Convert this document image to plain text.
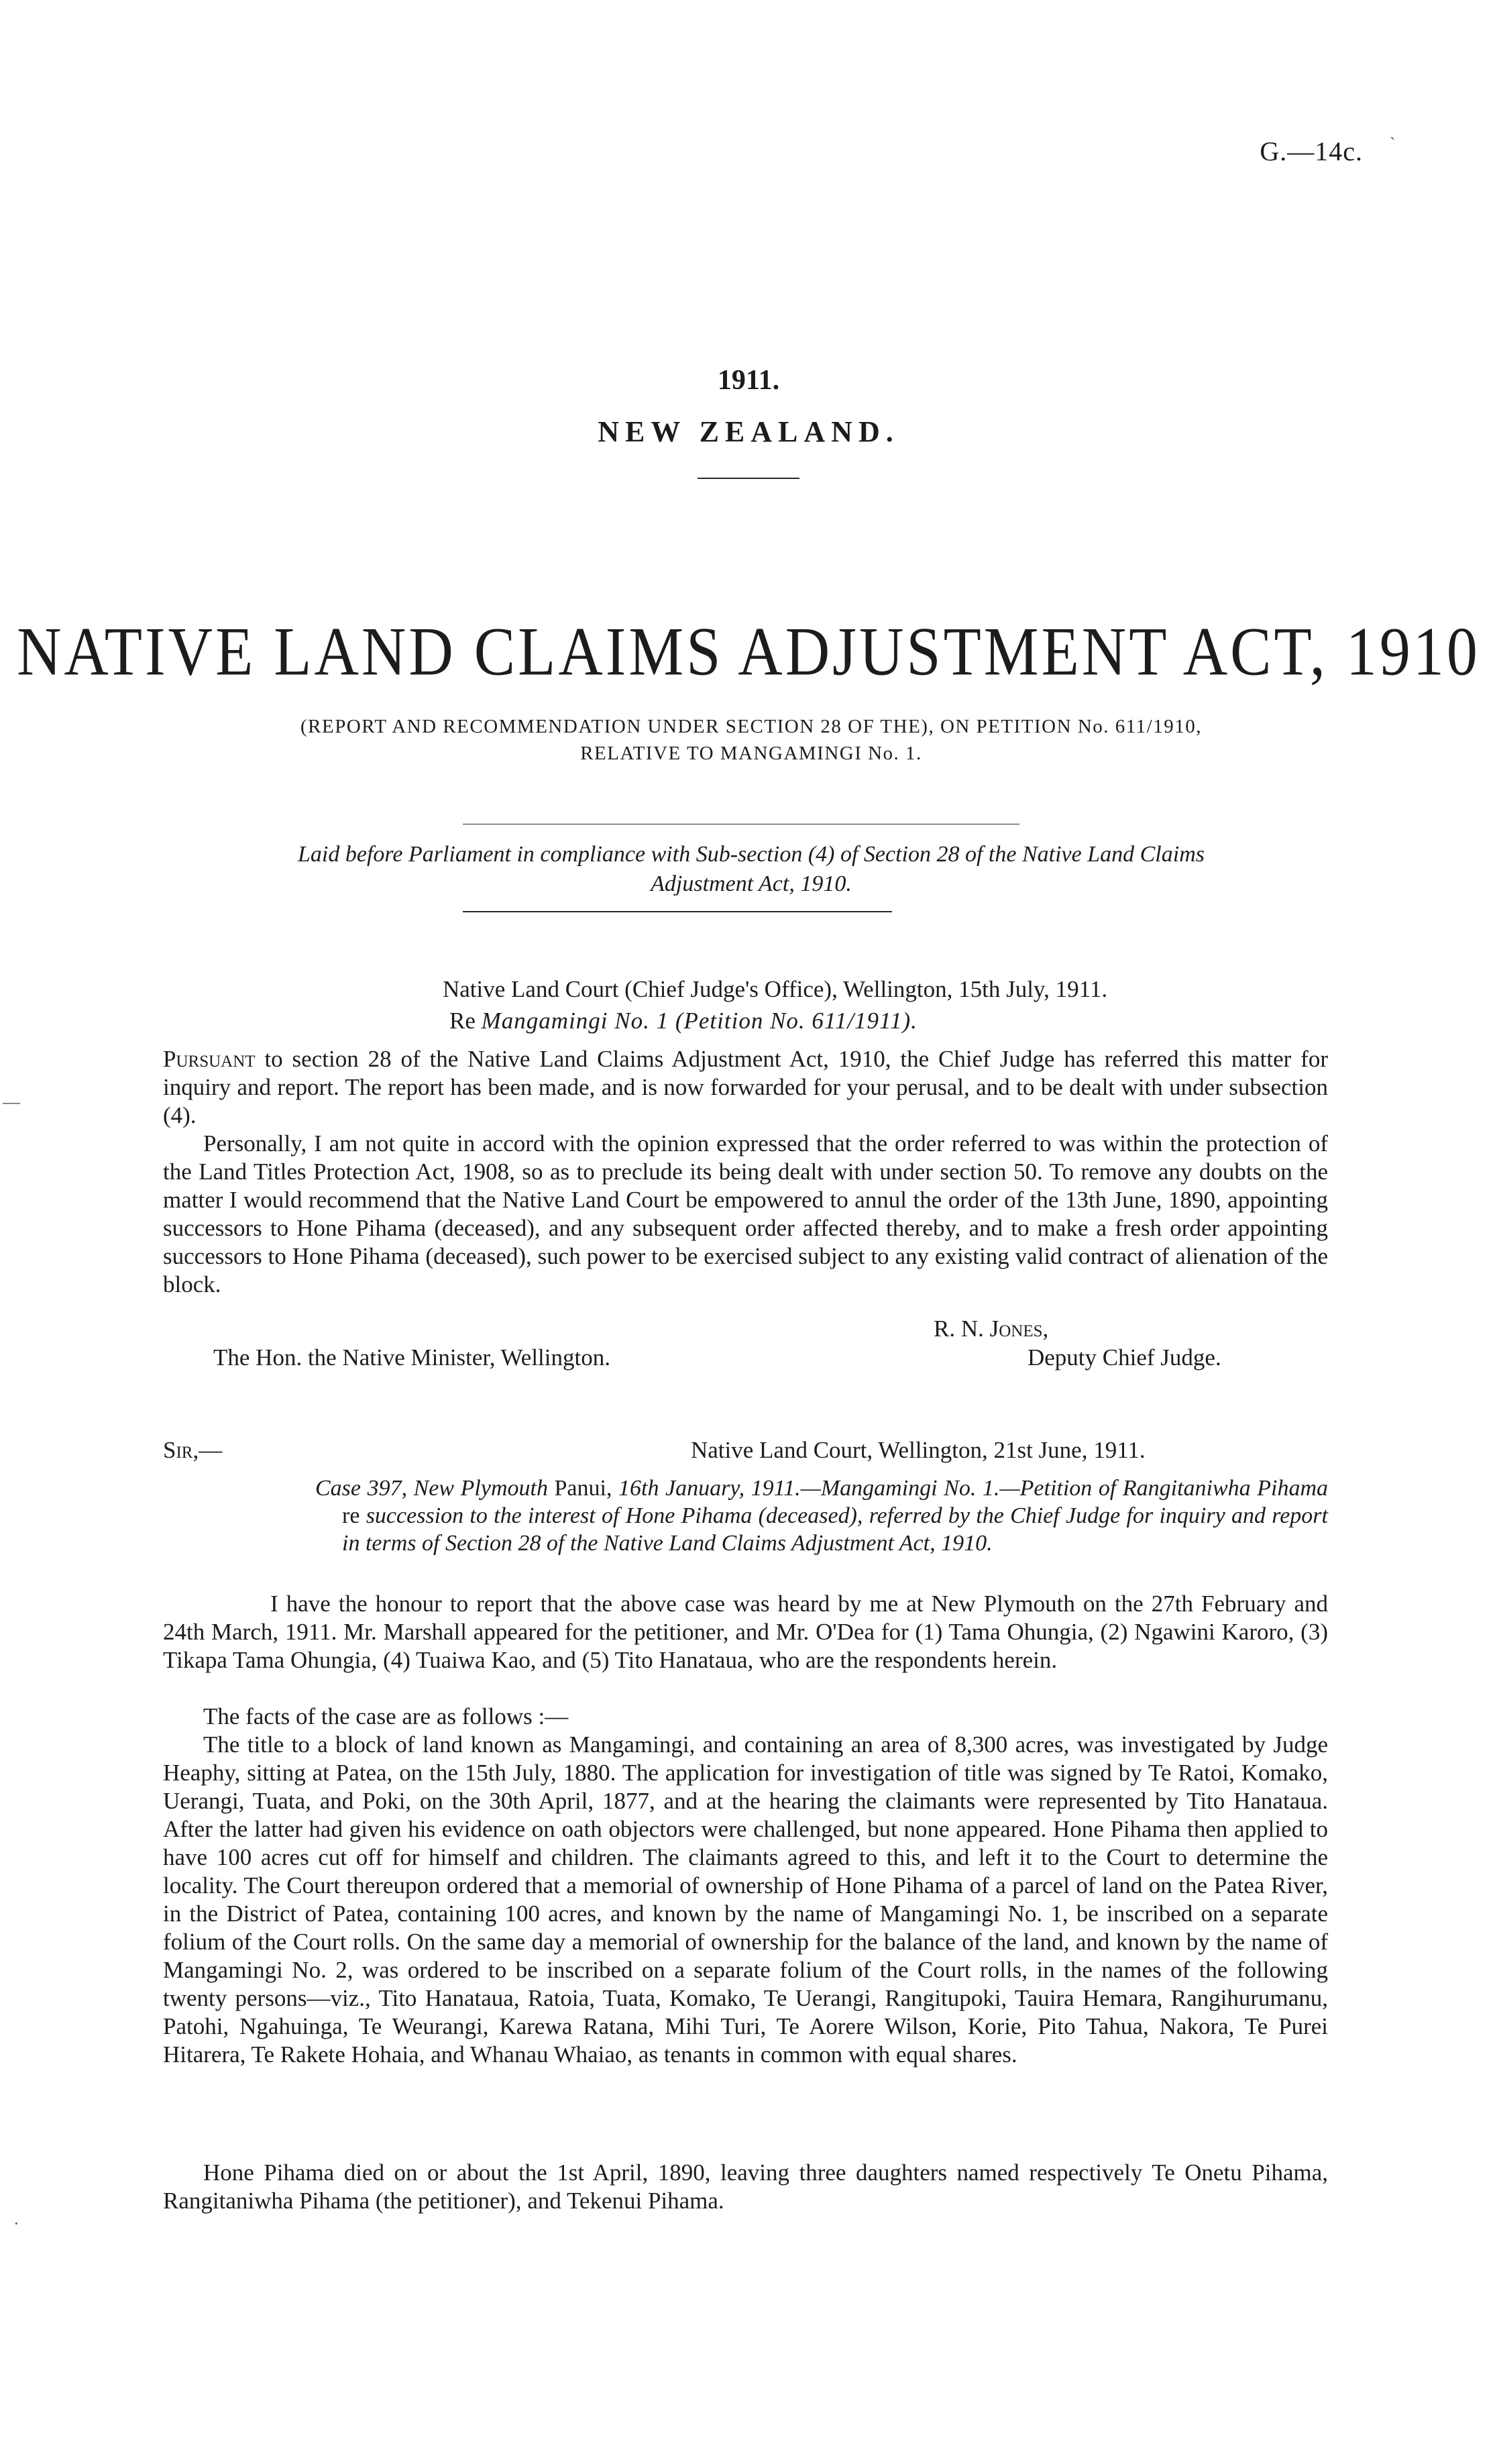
G.—14c.
1911.
NEW ZEALAND.
NATIVE LAND CLAIMS ADJUSTMENT ACT, 1910
(REPORT AND RECOMMENDATION UNDER SECTION 28 OF THE), ON PETITION No. 611/1910,
RELATIVE TO MANGAMINGI No. 1.
Laid before Parliament in compliance with Sub-section (4) of Section 28 of the Native Land Claims
Adjustment Act, 1910.
Native Land Court (Chief Judge's Office), Wellington, 15th July, 1911.
Re Mangamingi No. 1 (Petition No. 611/1911).
Pursuant to section 28 of the Native Land Claims Adjustment Act, 1910, the Chief Judge has referred this matter for inquiry and report. The report has been made, and is now forwarded for your perusal, and to be dealt with under subsection (4).
Personally, I am not quite in accord with the opinion expressed that the order referred to was within the protection of the Land Titles Protection Act, 1908, so as to preclude its being dealt with under section 50. To remove any doubts on the matter I would recommend that the Native Land Court be empowered to annul the order of the 13th June, 1890, appointing successors to Hone Pihama (deceased), and any subsequent order affected thereby, and to make a fresh order appointing successors to Hone Pihama (deceased), such power to be exercised subject to any existing valid contract of alienation of the block.
R. N. Jones,
The Hon. the Native Minister, Wellington.	Deputy Chief Judge.
Sir,—	Native Land Court, Wellington, 21st June, 1911.
Case 397, New Plymouth Panui, 16th January, 1911.—Mangamingi No. 1.—Petition of Rangitaniwha Pihama re succession to the interest of Hone Pihama (deceased), referred by the Chief Judge for inquiry and report in terms of Section 28 of the Native Land Claims Adjustment Act, 1910.
I have the honour to report that the above case was heard by me at New Plymouth on the 27th February and 24th March, 1911. Mr. Marshall appeared for the petitioner, and Mr. O'Dea for (1) Tama Ohungia, (2) Ngawini Karoro, (3) Tikapa Tama Ohungia, (4) Tuaiwa Kao, and (5) Tito Hanataua, who are the respondents herein.
The facts of the case are as follows :—
The title to a block of land known as Mangamingi, and containing an area of 8,300 acres, was investigated by Judge Heaphy, sitting at Patea, on the 15th July, 1880. The application for investigation of title was signed by Te Ratoi, Komako, Uerangi, Tuata, and Poki, on the 30th April, 1877, and at the hearing the claimants were represented by Tito Hanataua. After the latter had given his evidence on oath objectors were challenged, but none appeared. Hone Pihama then applied to have 100 acres cut off for himself and children. The claimants agreed to this, and left it to the Court to determine the locality. The Court thereupon ordered that a memorial of ownership of Hone Pihama of a parcel of land on the Patea River, in the District of Patea, containing 100 acres, and known by the name of Mangamingi No. 1, be inscribed on a separate folium of the Court rolls. On the same day a memorial of ownership for the balance of the land, and known by the name of Mangamingi No. 2, was ordered to be inscribed on a separate folium of the Court rolls, in the names of the following twenty persons—viz., Tito Hanataua, Ratoia, Tuata, Komako, Te Uerangi, Rangitupoki, Tauira Hemara, Rangihurumanu, Patohi, Ngahuinga, Te Weurangi, Karewa Ratana, Mihi Turi, Te Aorere Wilson, Korie, Pito Tahua, Nakora, Te Purei Hitarera, Te Rakete Hohaia, and Whanau Whaiao, as tenants in common with equal shares.
Hone Pihama died on or about the 1st April, 1890, leaving three daughters named respectively Te Onetu Pihama, Rangitaniwha Pihama (the petitioner), and Tekenui Pihama.
`
—
·
